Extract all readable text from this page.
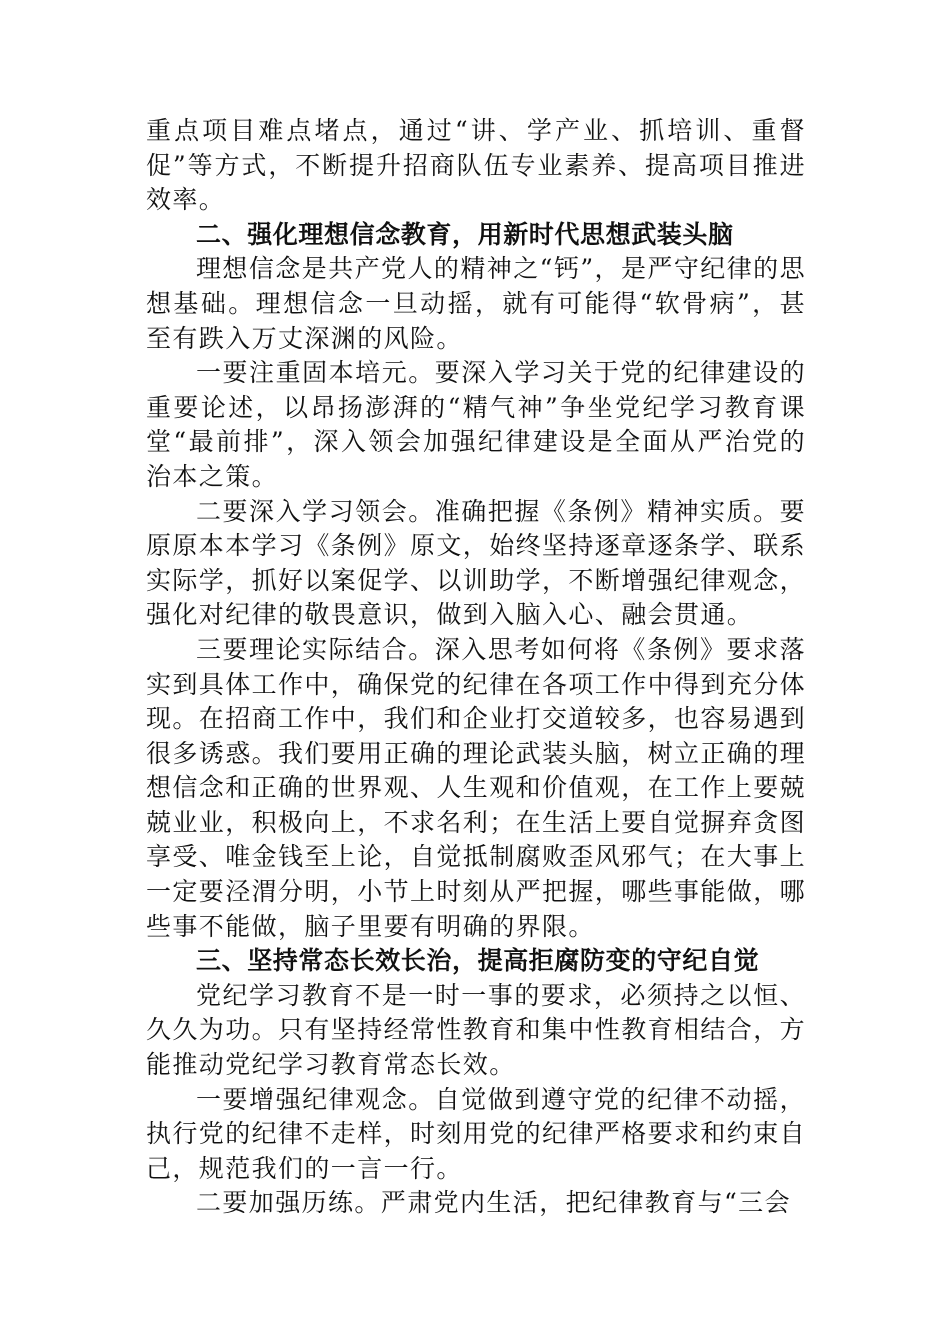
重点项目难点堵点，通过“讲、学产业、抓培训、重督促”等方式，不断提升招商队伍专业素养、提高项目推进效率。

二、强化理想信念教育，用新时代思想武装头脑

理想信念是共产党人的精神之“钙”，是严守纪律的思想基础。理想信念一旦动摇，就有可能得“软骨病”，甚至有跌入万丈深渊的风险。

一要注重固本培元。要深入学习关于党的纪律建设的重要论述，以昂扬澎湃的“精气神”争坐党纪学习教育课堂“最前排”，深入领会加强纪律建设是全面从严治党的治本之策。

二要深入学习领会。准确把握《条例》精神实质。要原原本本学习《条例》原文，始终坚持逐章逐条学、联系实际学，抓好以案促学、以训助学，不断增强纪律观念，强化对纪律的敬畏意识，做到入脑入心、融会贯通。

三要理论实际结合。深入思考如何将《条例》要求落实到具体工作中，确保党的纪律在各项工作中得到充分体现。在招商工作中，我们和企业打交道较多，也容易遇到很多诱惑。我们要用正确的理论武装头脑，树立正确的理想信念和正确的世界观、人生观和价值观，在工作上要兢兢业业，积极向上，不求名利；在生活上要自觉摒弃贪图享受、唯金钱至上论，自觉抵制腐败歪风邪气；在大事上一定要泾渭分明，小节上时刻从严把握，哪些事能做，哪些事不能做，脑子里要有明确的界限。

三、坚持常态长效长治，提高拒腐防变的守纪自觉

党纪学习教育不是一时一事的要求，必须持之以恒、久久为功。只有坚持经常性教育和集中性教育相结合，方能推动党纪学习教育常态长效。

一要增强纪律观念。自觉做到遵守党的纪律不动摇，执行党的纪律不走样，时刻用党的纪律严格要求和约束自己，规范我们的一言一行。

二要加强历练。严肃党内生活，把纪律教育与“三会
